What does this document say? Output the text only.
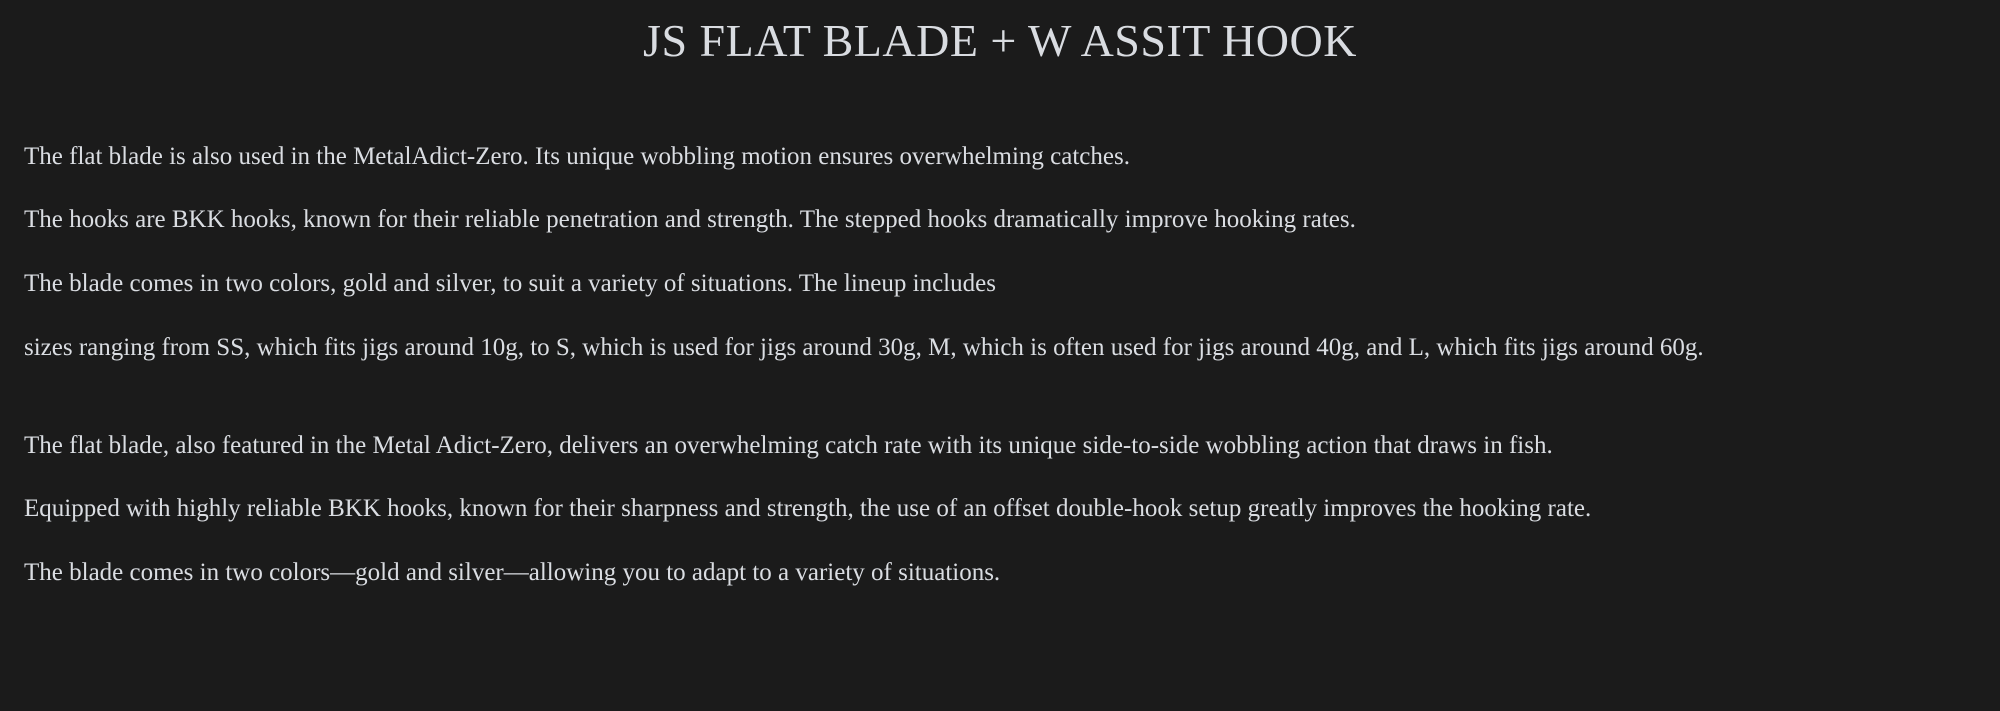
JS FLAT BLADE + W ASSIT HOOK

The flat blade is also used in the MetalAdict-Zero. Its unique wobbling motion ensures overwhelming catches.

The hooks are BKK hooks, known for their reliable penetration and strength. The stepped hooks dramatically improve hooking rates.

The blade comes in two colors, gold and silver, to suit a variety of situations. The lineup includes

sizes ranging from SS, which fits jigs around 10g, to S, which is used for jigs around 30g, M, which is often used for jigs around 40g, and L, which fits jigs around 60g.

The flat blade, also featured in the Metal Adict-Zero, delivers an overwhelming catch rate with its unique side-to-side wobbling action that draws in fish.

Equipped with highly reliable BKK hooks, known for their sharpness and strength, the use of an offset double-hook setup greatly improves the hooking rate.

The blade comes in two colors—gold and silver—allowing you to adapt to a variety of situations.
